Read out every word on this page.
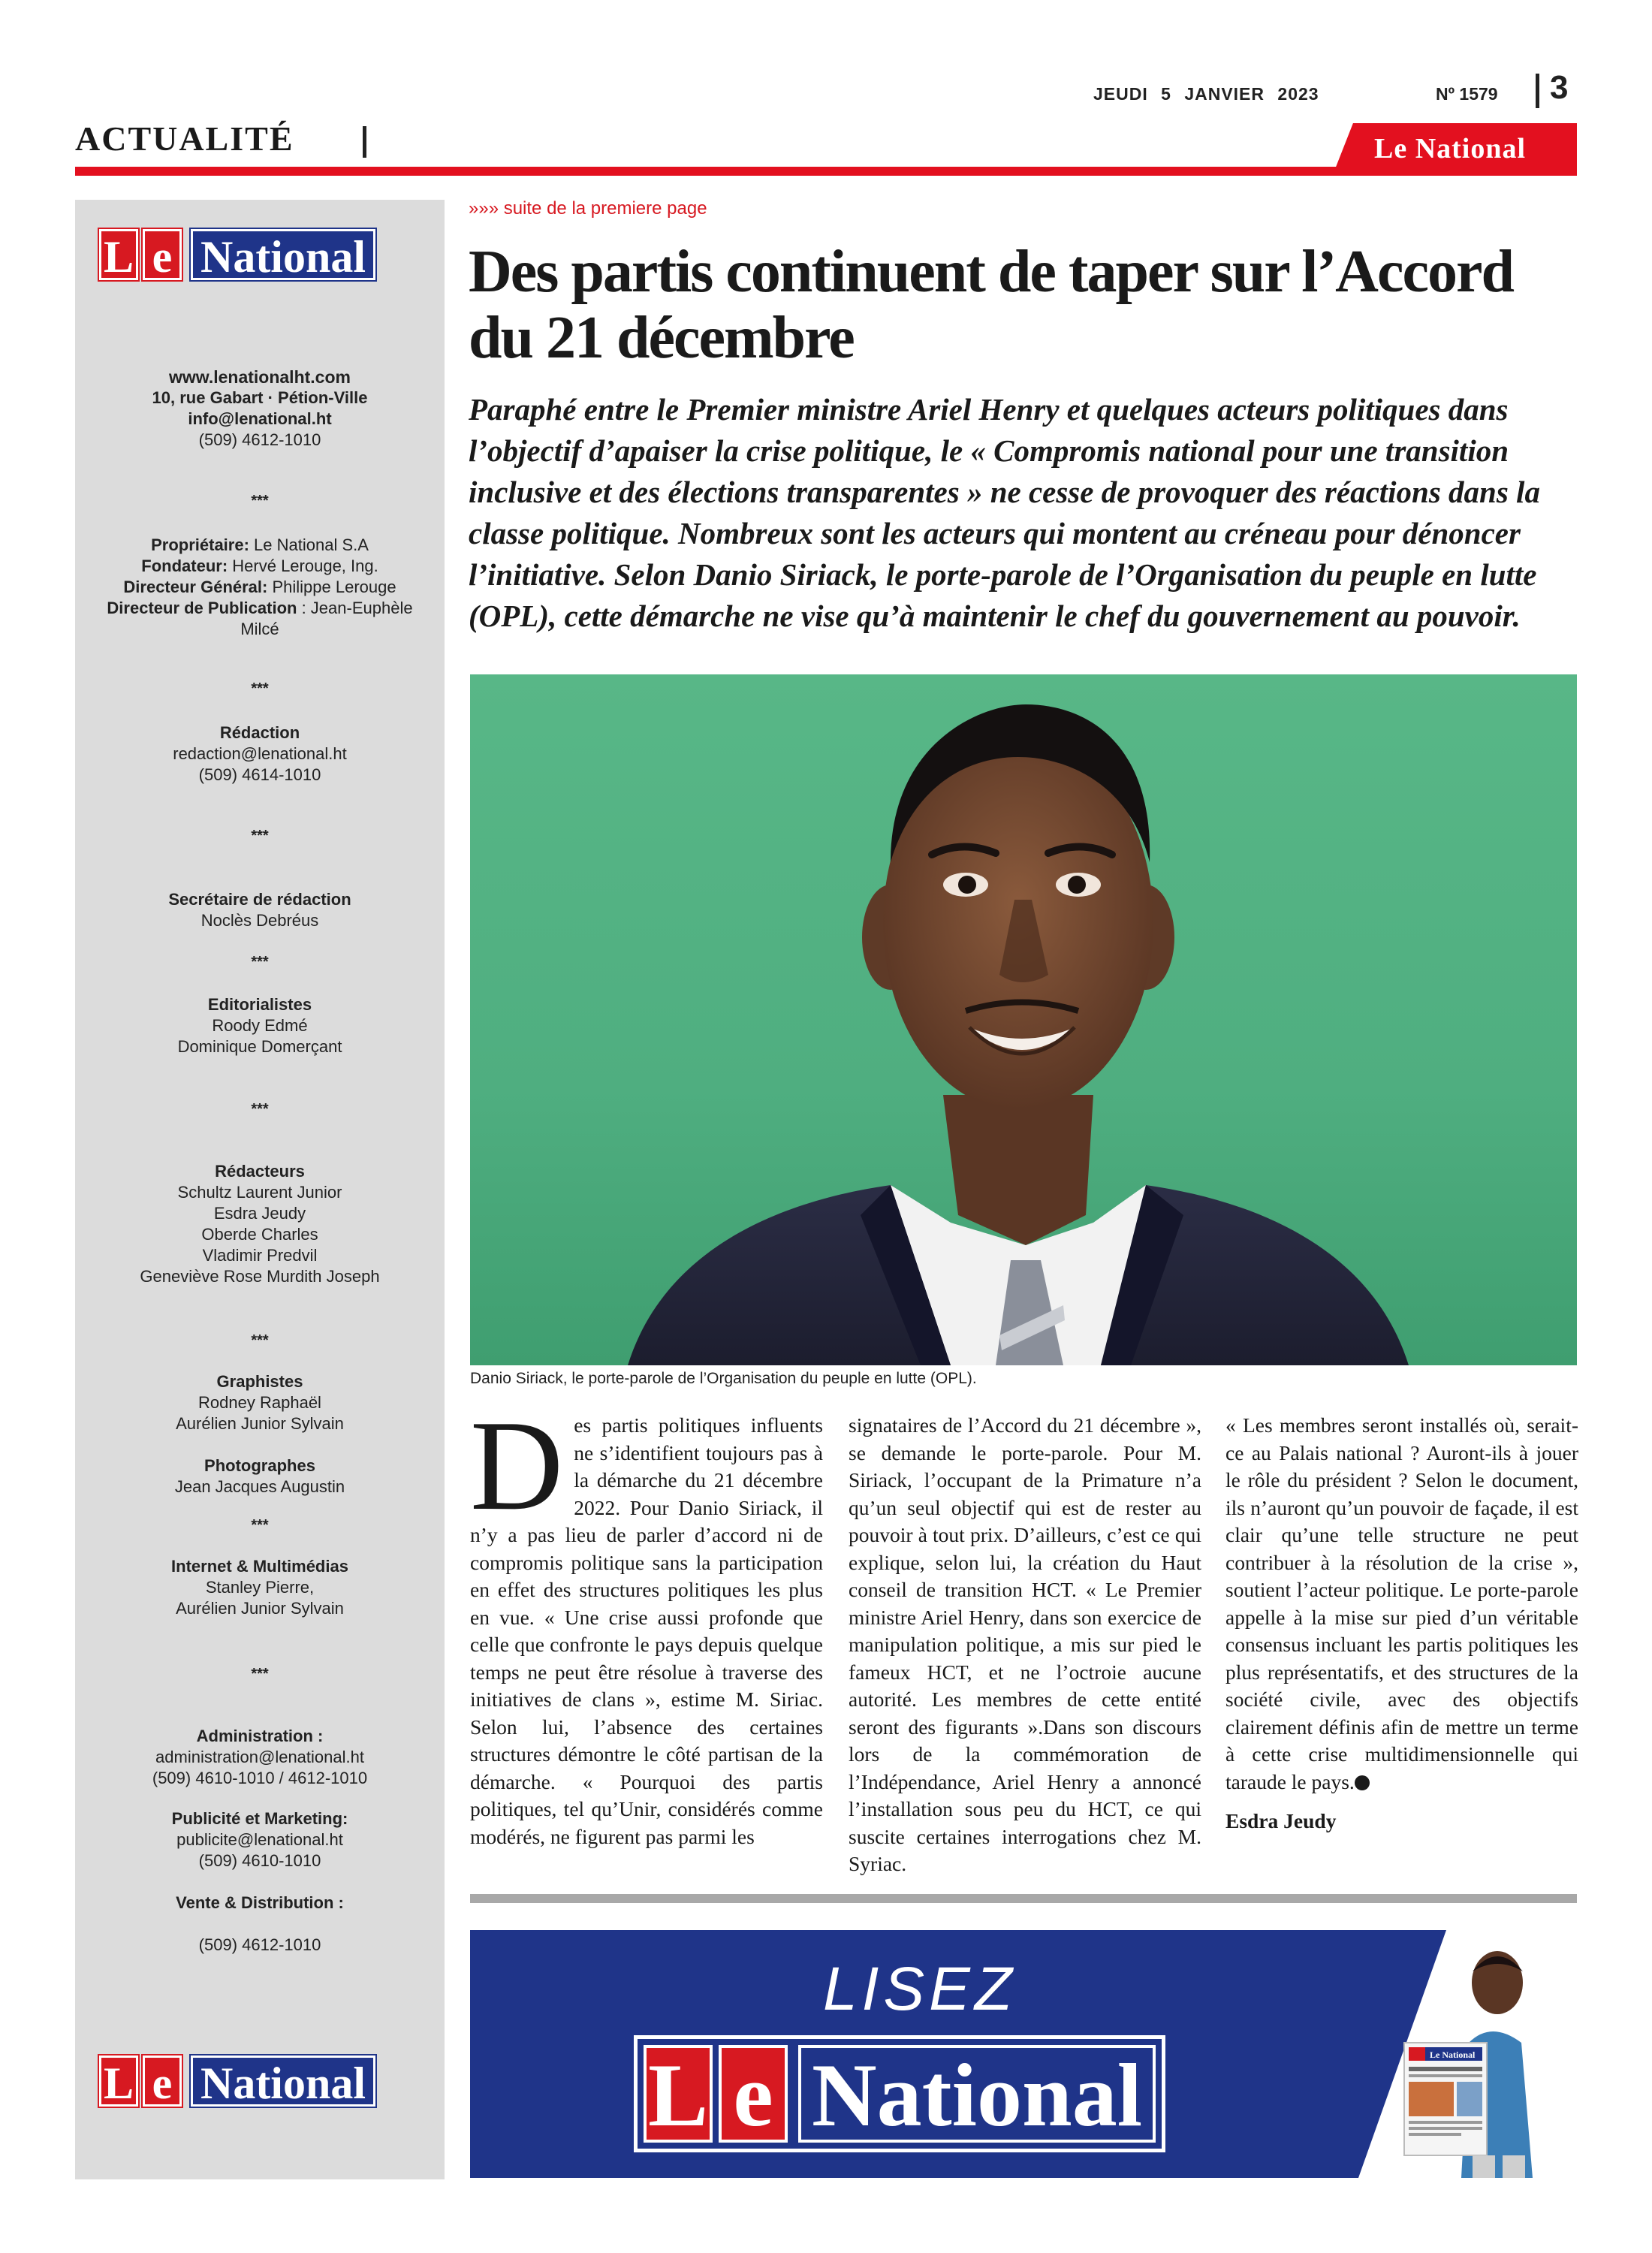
JEUDI 5 JANVIER 2023	Nº 1579 3
ACTUALITÉ	Le National
L e National
www.lenationalht.com
10, rue Gabart · Pétion-Ville
info@lenational.ht
(509) 4612-1010
***
Propriétaire: Le National S.A
Fondateur: Hervé Lerouge, Ing.
Directeur Général: Philippe Lerouge
Directeur de Publication : Jean-Euphèle Milcé
***
Rédaction
redaction@lenational.ht
(509) 4614-1010
***
Secrétaire de rédaction
Noclès Debréus
***
Editorialistes
Roody Edmé
Dominique Domerçant
***
Rédacteurs
Schultz Laurent Junior
Esdra Jeudy
Oberde Charles
Vladimir Predvil
Geneviève Rose Murdith Joseph
***
Graphistes
Rodney Raphaël
Aurélien Junior Sylvain
Photographes
Jean Jacques Augustin
***
Internet & Multimédias
Stanley Pierre,
Aurélien Junior Sylvain
***
Administration :
administration@lenational.ht
(509) 4610-1010 / 4612-1010
Publicité et Marketing:
publicite@lenational.ht
(509) 4610-1010
Vente & Distribution :
(509) 4612-1010
L e National
»»» suite de la premiere page
Des partis continuent de taper sur l’Accord du 21 décembre

Paraphé entre le Premier ministre Ariel Henry et quelques acteurs politiques dans l’objectif d’apaiser la crise politique, le « Compromis national pour une transition inclusive et des élections transparentes » ne cesse de provoquer des réactions dans la classe politique. Nombreux sont les acteurs qui montent au créneau pour dénoncer l’initiative. Selon Danio Siriack, le porte-parole de l’Organisation du peuple en lutte (OPL), cette démarche ne vise qu’à maintenir le chef du gouvernement au pouvoir.

Danio Siriack, le porte-parole de l’Organisation du peuple en lutte (OPL).
Des partis politiques influents ne s’identifient toujours pas à la démarche du 21 décembre 2022. Pour Danio Siriack, il n’y a pas lieu de parler d’accord ni de compromis politique sans la participation en effet des structures politiques les plus en vue. « Une crise aussi profonde que celle que confronte le pays depuis quelque temps ne peut être résolue à traverse des initiatives de clans », estime M. Siriac. Selon lui, l’absence des certaines structures démontre le côté partisan de la démarche. « Pourquoi des partis politiques, tel qu’Unir, considérés comme modérés, ne figurent pas parmi les
signataires de l’Accord du 21 décembre », se demande le porte-parole. Pour M. Siriack, l’occupant de la Primature n’a qu’un seul objectif qui est de rester au pouvoir à tout prix. D’ailleurs, c’est ce qui explique, selon lui, la création du Haut conseil de transition HCT. « Le Premier ministre Ariel Henry, dans son exercice de manipulation politique, a mis sur pied le fameux HCT, et ne l’octroie aucune autorité. Les membres de cette entité seront des figurants ».Dans son discours lors de la commémoration de l’Indépendance, Ariel Henry a annoncé l’installation sous peu du HCT, ce qui suscite certaines interrogations chez M. Syriac.
« Les membres seront installés où, serait-ce au Palais national ? Auront-ils à jouer le rôle du président ? Selon le document, ils n’auront qu’un pouvoir de façade, il est clair qu’une telle structure ne peut contribuer à la résolution de la crise », soutient l’acteur politique. Le porte-parole appelle à la mise sur pied d’un véritable consensus incluant les partis politiques les plus représentatifs, et des structures de la société civile, avec des objectifs clairement définis afin de mettre un terme à cette crise multidimensionnelle qui taraude le pays.
Esdra Jeudy
LISEZ
L e National	Le National
